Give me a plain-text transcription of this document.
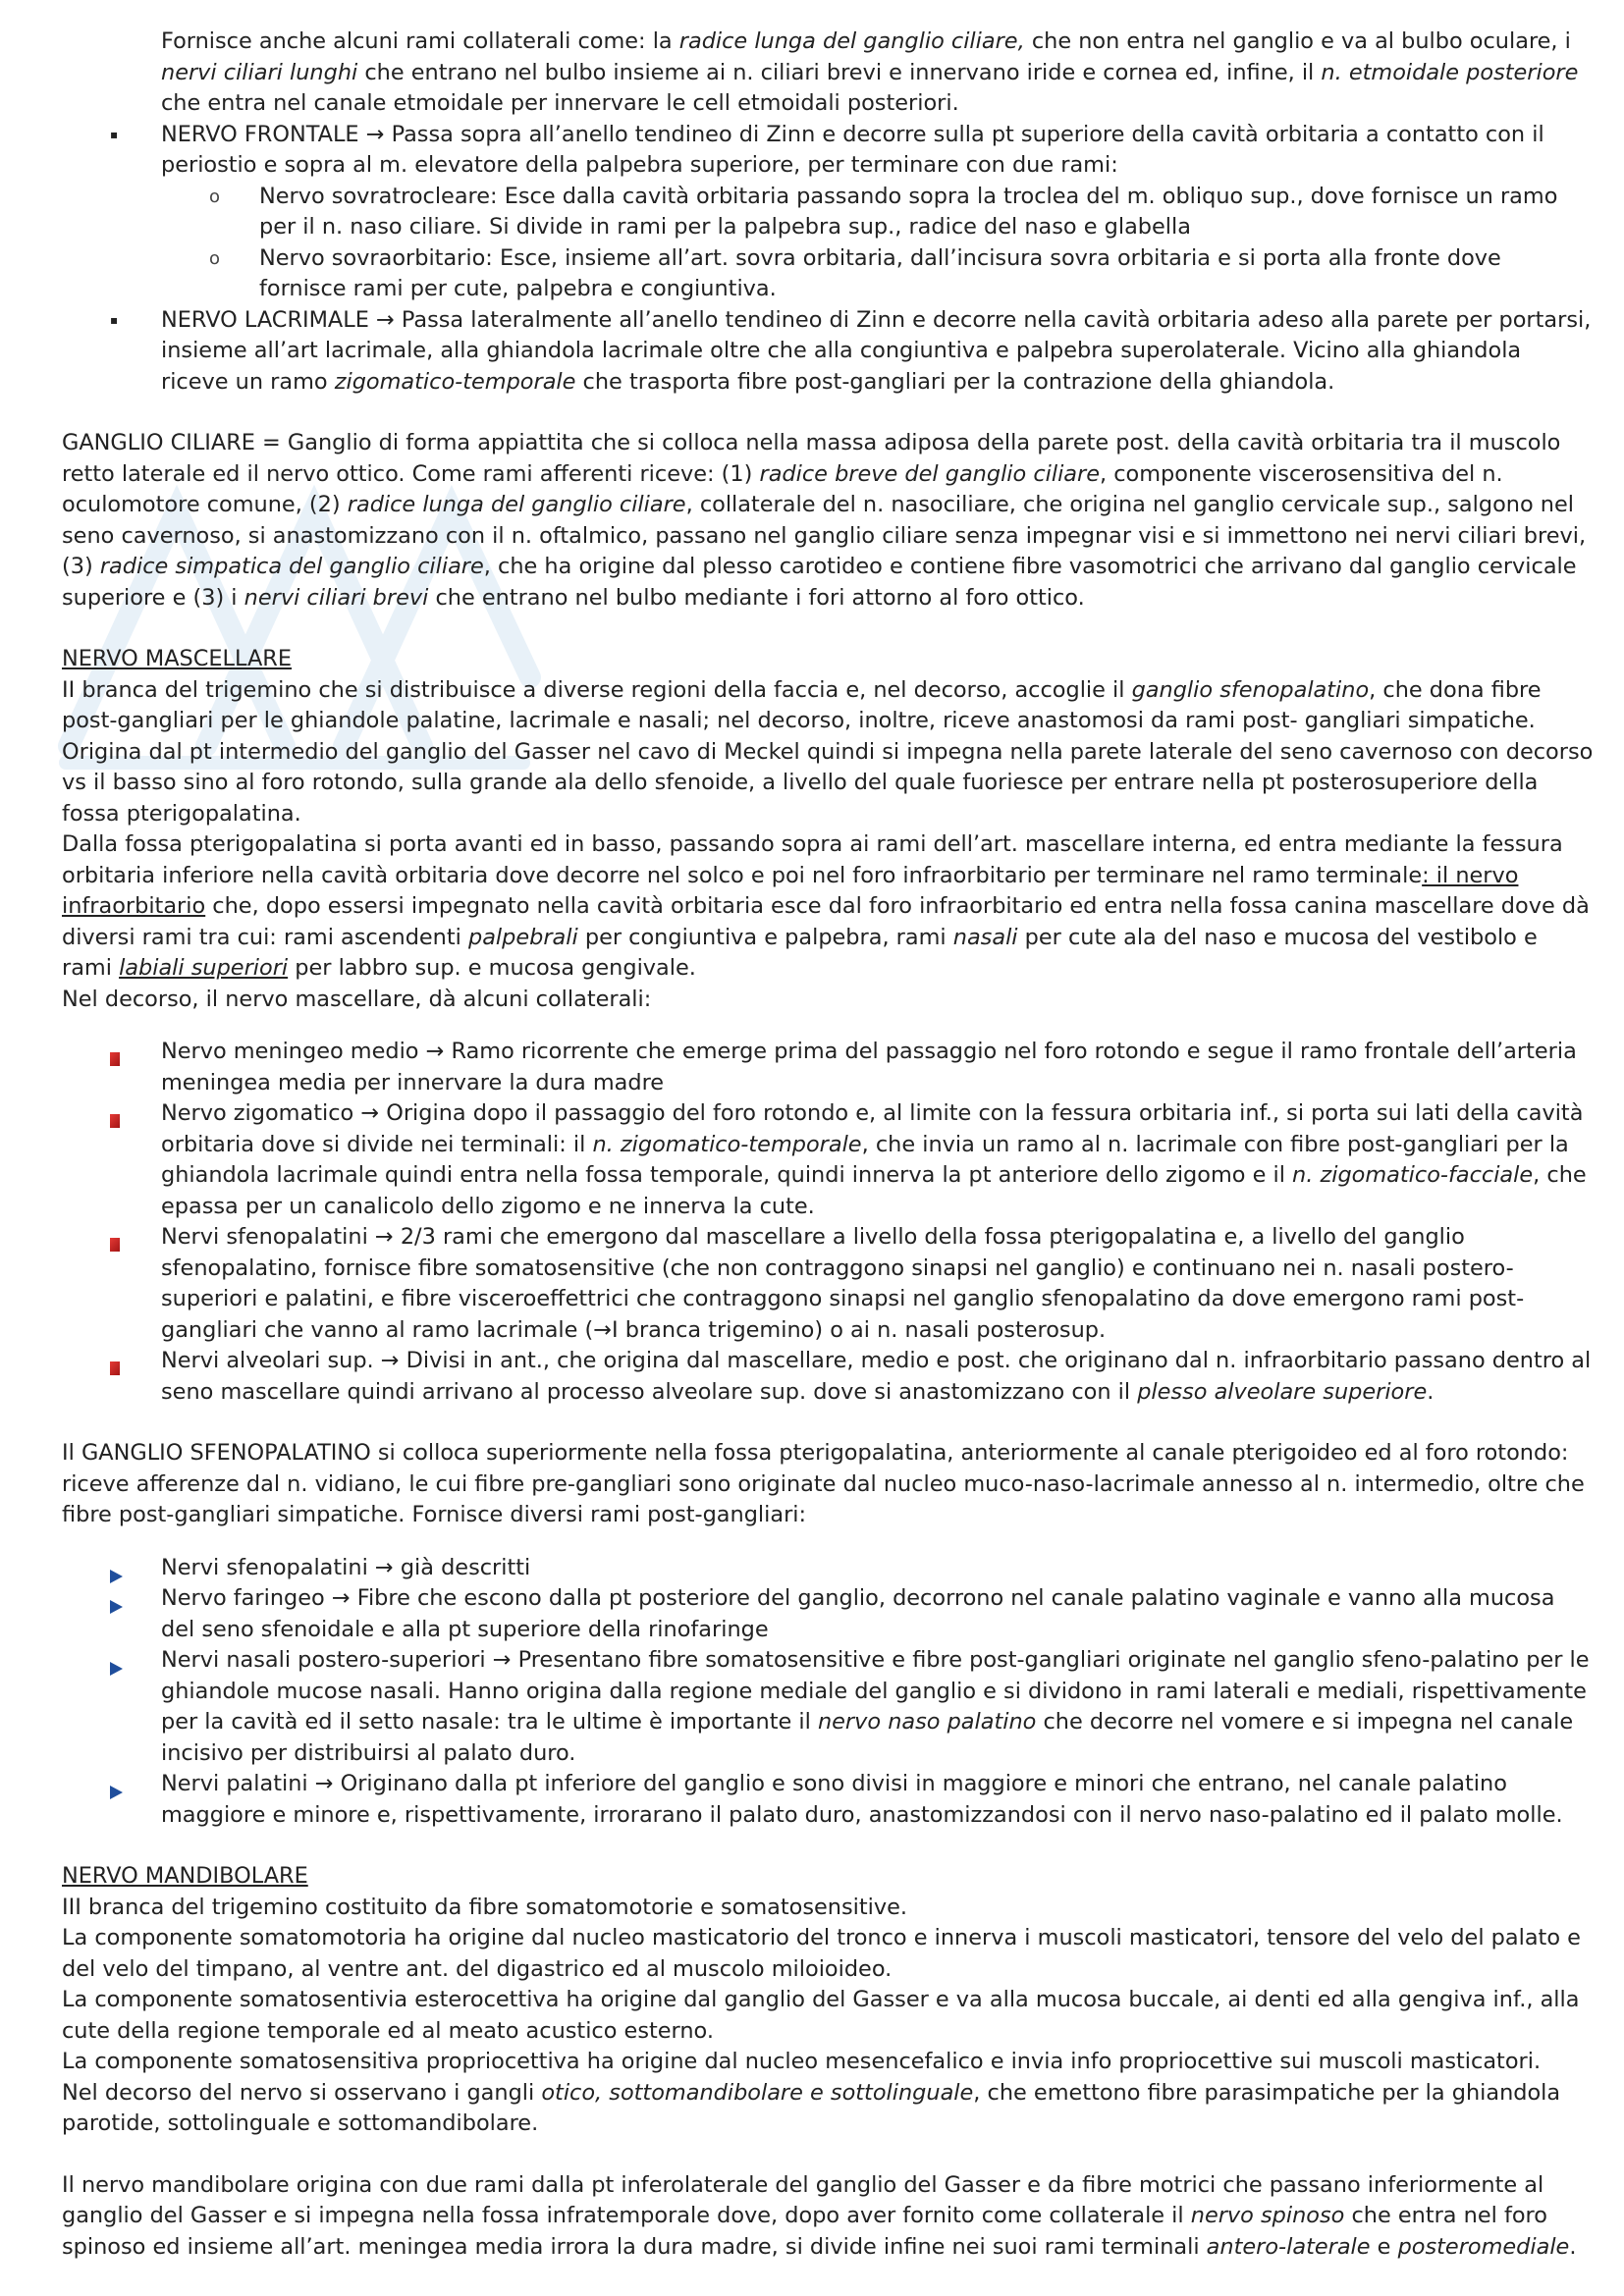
Fornisce anche alcuni rami collaterali come: la radice lunga del ganglio ciliare, che non entra nel ganglio e va al bulbo oculare, i nervi ciliari lunghi che entrano nel bulbo insieme ai n. ciliari brevi e innervano iride e cornea ed, infine, il n. etmoidale posteriore che entra nel canale etmoidale per innervare le cell etmoidali posteriori.

▪ NERVO FRONTALE → Passa sopra all’anello tendineo di Zinn e decorre sulla pt superiore della cavità orbitaria a contatto con il periostio e sopra al m. elevatore della palpebra superiore, per terminare con due rami:

o Nervo sovratrocleare: Esce dalla cavità orbitaria passando sopra la troclea del m. obliquo sup., dove fornisce un ramo per il n. naso ciliare. Si divide in rami per la palpebra sup., radice del naso e glabella

o Nervo sovraorbitario: Esce, insieme all’art. sovra orbitaria, dall’incisura sovra orbitaria e si porta alla fronte dove fornisce rami per cute, palpebra e congiuntiva.

▪ NERVO LACRIMALE → Passa lateralmente all’anello tendineo di Zinn e decorre nella cavità orbitaria adeso alla parete per portarsi, insieme all’art lacrimale, alla ghiandola lacrimale oltre che alla congiuntiva e palpebra superolaterale. Vicino alla ghiandola riceve un ramo zigomatico-temporale che trasporta fibre post-gangliari per la contrazione della ghiandola.

GANGLIO CILIARE = Ganglio di forma appiattita che si colloca nella massa adiposa della parete post. della cavità orbitaria tra il muscolo retto laterale ed il nervo ottico. Come rami afferenti riceve: (1) radice breve del ganglio ciliare, componente viscerosensitiva del n. oculomotore comune, (2) radice lunga del ganglio ciliare, collaterale del n. nasociliare, che origina nel ganglio cervicale sup., salgono nel seno cavernoso, si anastomizzano con il n. oftalmico, passano nel ganglio ciliare senza impegnar visi e si immettono nei nervi ciliari brevi, (3) radice simpatica del ganglio ciliare, che ha origine dal plesso carotideo e contiene fibre vasomotrici che arrivano dal ganglio cervicale superiore e (3) i nervi ciliari brevi che entrano nel bulbo mediante i fori attorno al foro ottico.

NERVO MASCELLARE

II branca del trigemino che si distribuisce a diverse regioni della faccia e, nel decorso, accoglie il ganglio sfenopalatino, che dona fibre post-gangliari per le ghiandole palatine, lacrimale e nasali; nel decorso, inoltre, riceve anastomosi da rami post- gangliari simpatiche. Origina dal pt intermedio del ganglio del Gasser nel cavo di Meckel quindi si impegna nella parete laterale del seno cavernoso con decorso vs il basso sino al foro rotondo, sulla grande ala dello sfenoide, a livello del quale fuoriesce per entrare nella pt posterosuperiore della fossa pterigopalatina.

Dalla fossa pterigopalatina si porta avanti ed in basso, passando sopra ai rami dell’art. mascellare interna, ed entra mediante la fessura orbitaria inferiore nella cavità orbitaria dove decorre nel solco e poi nel foro infraorbitario per terminare nel ramo terminale: il nervo infraorbitario che, dopo essersi impegnato nella cavità orbitaria esce dal foro infraorbitario ed entra nella fossa canina mascellare dove dà diversi rami tra cui: rami ascendenti palpebrali per congiuntiva e palpebra, rami nasali per cute ala del naso e mucosa del vestibolo e rami labiali superiori per labbro sup. e mucosa gengivale.

Nel decorso, il nervo mascellare, dà alcuni collaterali:

Nervo meningeo medio → Ramo ricorrente che emerge prima del passaggio nel foro rotondo e segue il ramo frontale dell’arteria meningea media per innervare la dura madre

Nervo zigomatico → Origina dopo il passaggio del foro rotondo e, al limite con la fessura orbitaria inf., si porta sui lati della cavità orbitaria dove si divide nei terminali: il n. zigomatico-temporale, che invia un ramo al n. lacrimale con fibre post-gangliari per la ghiandola lacrimale quindi entra nella fossa temporale, quindi innerva la pt anteriore dello zigomo e il n. zigomatico-facciale, che epassa per un canalicolo dello zigomo e ne innerva la cute.

Nervi sfenopalatini → 2/3 rami che emergono dal mascellare a livello della fossa pterigopalatina e, a livello del ganglio sfenopalatino, fornisce fibre somatosensitive (che non contraggono sinapsi nel ganglio) e continuano nei n. nasali postero-superiori e palatini, e fibre visceroeffettrici che contraggono sinapsi nel ganglio sfenopalatino da dove emergono rami post-gangliari che vanno al ramo lacrimale (→I branca trigemino) o ai n. nasali posterosup.

Nervi alveolari sup. → Divisi in ant., che origina dal mascellare, medio e post. che originano dal n. infraorbitario passano dentro al seno mascellare quindi arrivano al processo alveolare sup. dove si anastomizzano con il plesso alveolare superiore.

Il GANGLIO SFENOPALATINO si colloca superiormente nella fossa pterigopalatina, anteriormente al canale pterigoideo ed al foro rotondo: riceve afferenze dal n. vidiano, le cui fibre pre-gangliari sono originate dal nucleo muco-naso-lacrimale annesso al n. intermedio, oltre che fibre post-gangliari simpatiche. Fornisce diversi rami post-gangliari:

Nervi sfenopalatini → già descritti

Nervo faringeo → Fibre che escono dalla pt posteriore del ganglio, decorrono nel canale palatino vaginale e vanno alla mucosa del seno sfenoidale e alla pt superiore della rinofaringe

Nervi nasali postero-superiori → Presentano fibre somatosensitive e fibre post-gangliari originate nel ganglio sfeno-palatino per le ghiandole mucose nasali. Hanno origina dalla regione mediale del ganglio e si dividono in rami laterali e mediali, rispettivamente per la cavità ed il setto nasale: tra le ultime è importante il nervo naso palatino che decorre nel vomere e si impegna nel canale incisivo per distribuirsi al palato duro.

Nervi palatini → Originano dalla pt inferiore del ganglio e sono divisi in maggiore e minori che entrano, nel canale palatino maggiore e minore e, rispettivamente, irrorarano il palato duro, anastomizzandosi con il nervo naso-palatino ed il palato molle.

NERVO MANDIBOLARE

III branca del trigemino costituito da fibre somatomotorie e somatosensitive.

La componente somatomotoria ha origine dal nucleo masticatorio del tronco e innerva i muscoli masticatori, tensore del velo del palato e del velo del timpano, al ventre ant. del digastrico ed al muscolo miloioideo.

La componente somatosentivia esterocettiva ha origine dal ganglio del Gasser e va alla mucosa buccale, ai denti ed alla gengiva inf., alla cute della regione temporale ed al meato acustico esterno.

La componente somatosensitiva propriocettiva ha origine dal nucleo mesencefalico e invia info propriocettive sui muscoli masticatori.

Nel decorso del nervo si osservano i gangli otico, sottomandibolare e sottolinguale, che emettono fibre parasimpatiche per la ghiandola parotide, sottolinguale e sottomandibolare.

Il nervo mandibolare origina con due rami dalla pt inferolaterale del ganglio del Gasser e da fibre motrici che passano inferiormente al ganglio del Gasser e si impegna nella fossa infratemporale dove, dopo aver fornito come collaterale il nervo spinoso che entra nel foro spinoso ed insieme all’art. meningea media irrora la dura madre, si divide infine nei suoi rami terminali antero-laterale e posteromediale.
